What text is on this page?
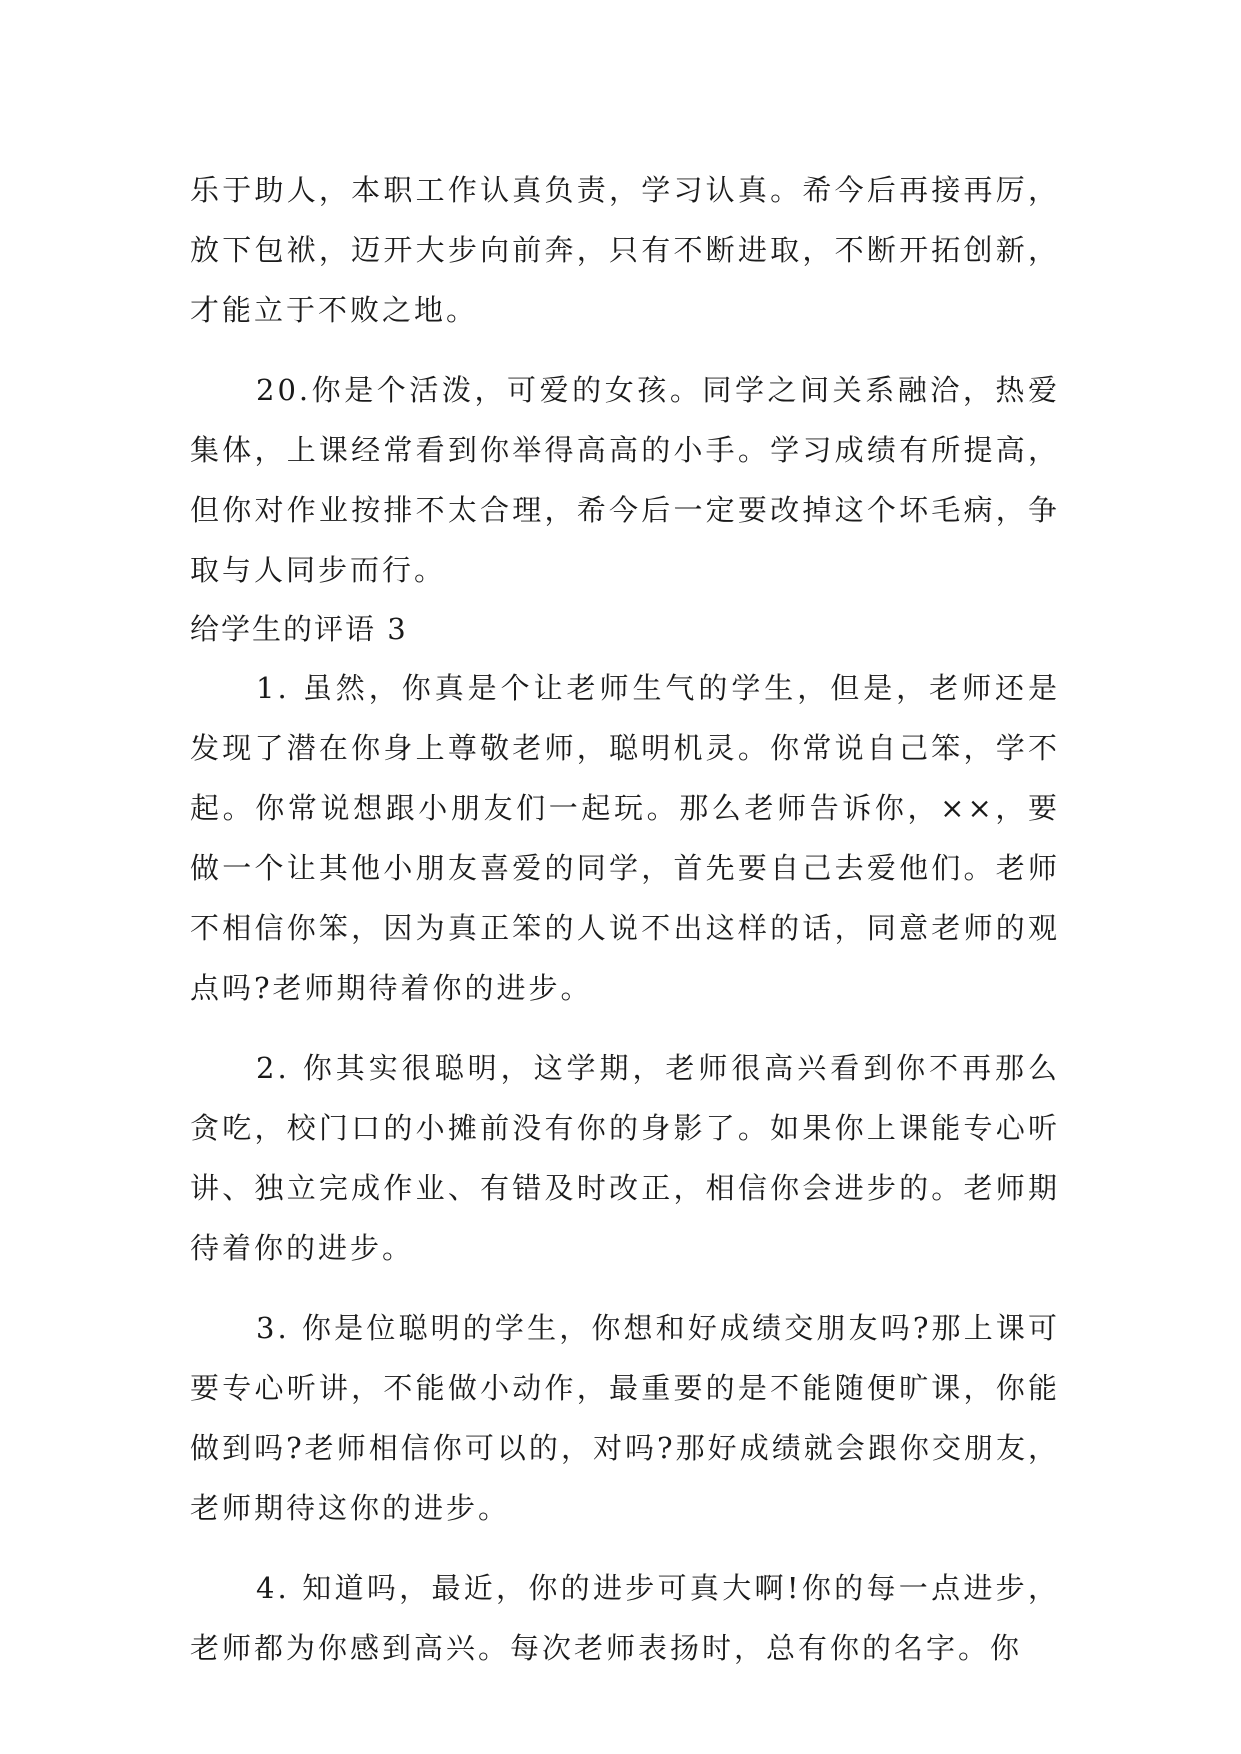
乐于助人，本职工作认真负责，学习认真。希今后再接再厉，放下包袱，迈开大步向前奔，只有不断进取，不断开拓创新，才能立于不败之地。

20.你是个活泼，可爱的女孩。同学之间关系融洽，热爱集体，上课经常看到你举得高高的小手。学习成绩有所提高，但你对作业按排不太合理，希今后一定要改掉这个坏毛病，争取与人同步而行。

给学生的评语 3

1. 虽然，你真是个让老师生气的学生，但是，老师还是发现了潜在你身上尊敬老师，聪明机灵。你常说自己笨，学不起。你常说想跟小朋友们一起玩。那么老师告诉你，××，要做一个让其他小朋友喜爱的同学，首先要自己去爱他们。老师不相信你笨，因为真正笨的人说不出这样的话，同意老师的观点吗?老师期待着你的进步。

2. 你其实很聪明，这学期，老师很高兴看到你不再那么贪吃，校门口的小摊前没有你的身影了。如果你上课能专心听讲、独立完成作业、有错及时改正，相信你会进步的。老师期待着你的进步。

3. 你是位聪明的学生，你想和好成绩交朋友吗?那上课可要专心听讲，不能做小动作，最重要的是不能随便旷课，你能做到吗?老师相信你可以的，对吗?那好成绩就会跟你交朋友，老师期待这你的进步。

4. 知道吗，最近，你的进步可真大啊!你的每一点进步，老师都为你感到高兴。每次老师表扬时，总有你的名字。你
